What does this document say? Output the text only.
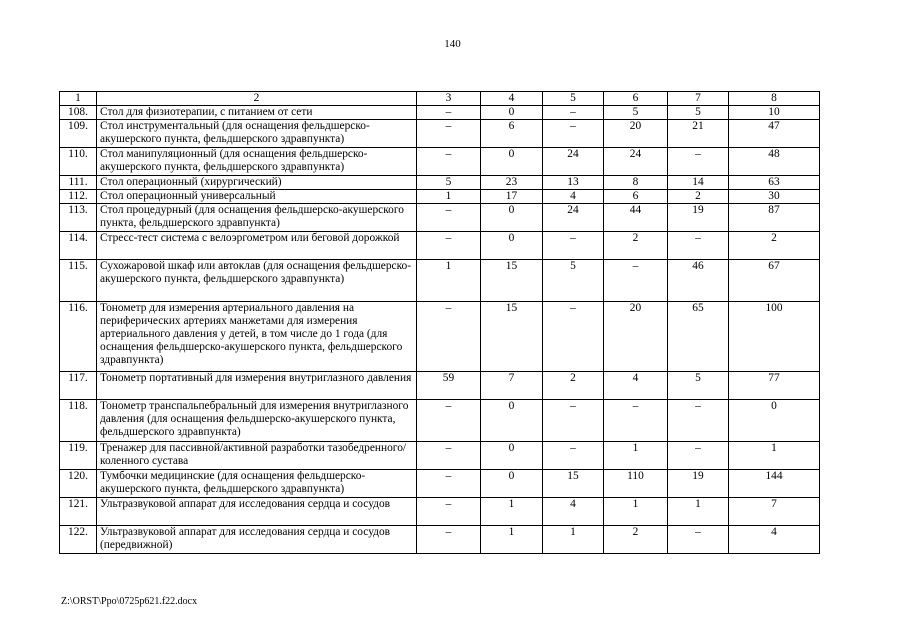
140
1	2	3	4	5	6	7	8
108.	Стол для физиотерапии, с питанием от сети	–	0	–	5	5	10
109.	Стол инструментальный (для оснащения фельдшерско-акушерского пункта, фельдшерского здравпункта)	–	6	–	20	21	47
110.	Стол манипуляционный (для оснащения фельдшерско-акушерского пункта, фельдшерского здравпункта)	–	0	24	24	–	48
111.	Стол операционный (хирургический)	5	23	13	8	14	63
112.	Стол операционный универсальный	1	17	4	6	2	30
113.	Стол процедурный (для оснащения фельдшерско-акушерского пункта, фельдшерского здравпункта)	–	0	24	44	19	87
114.	Стресс-тест система с велоэргометром или беговой дорожкой	–	0	–	2	–	2
115.	Сухожаровой шкаф или автоклав (для оснащения фельдшерско-акушерского пункта, фельдшерского здравпункта)	1	15	5	–	46	67
116.	Тонометр для измерения артериального давления на периферических артериях манжетами для измерения артериального давления у детей, в том числе до 1 года (для оснащения фельдшерско-акушерского пункта, фельдшерского здравпункта)	–	15	–	20	65	100
117.	Тонометр портативный для измерения внутриглазного давления	59	7	2	4	5	77
118.	Тонометр транспальпебральный для измерения внутриглазного давления (для оснащения фельдшерско-акушерского пункта, фельдшерского здравпункта)	–	0	–	–	–	0
119.	Тренажер для пассивной/активной разработки тазобедренного/коленного сустава	–	0	–	1	–	1
120.	Тумбочки медицинские (для оснащения фельдшерско-акушерского пункта, фельдшерского здравпункта)	–	0	15	110	19	144
121.	Ультразвуковой аппарат для исследования сердца и сосудов	–	1	4	1	1	7
122.	Ультразвуковой аппарат для исследования сердца и сосудов (передвижной)	–	1	1	2	–	4
Z:\ORST\Ppo\0725p621.f22.docx
